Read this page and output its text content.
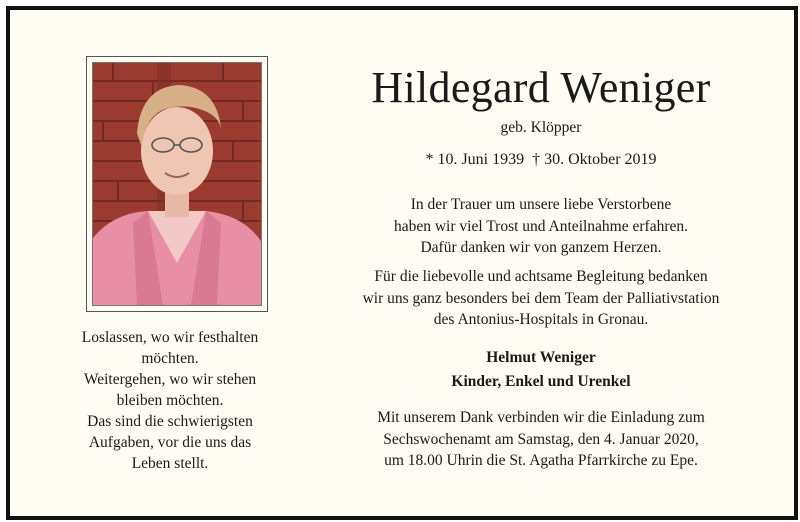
Loslassen, wo wir festhalten
möchten.
Weitergehen, wo wir stehen
bleiben möchten.
Das sind die schwierigsten
Aufgaben, vor die uns das
Leben stellt.
Hildegard Weniger
geb. Klöpper
* 10. Juni 1939  † 30. Oktober 2019
In der Trauer um unsere liebe Verstorbene
haben wir viel Trost und Anteilnahme erfahren.
Dafür danken wir von ganzem Herzen.
Für die liebevolle und achtsame Begleitung bedanken
wir uns ganz besonders bei dem Team der Palliativstation
des Antonius-Hospitals in Gronau.
Helmut Weniger
Kinder, Enkel und Urenkel
Mit unserem Dank verbinden wir die Einladung zum
Sechswochenamt am Samstag, den 4. Januar 2020,
um 18.00 Uhrin die St. Agatha Pfarrkirche zu Epe.
